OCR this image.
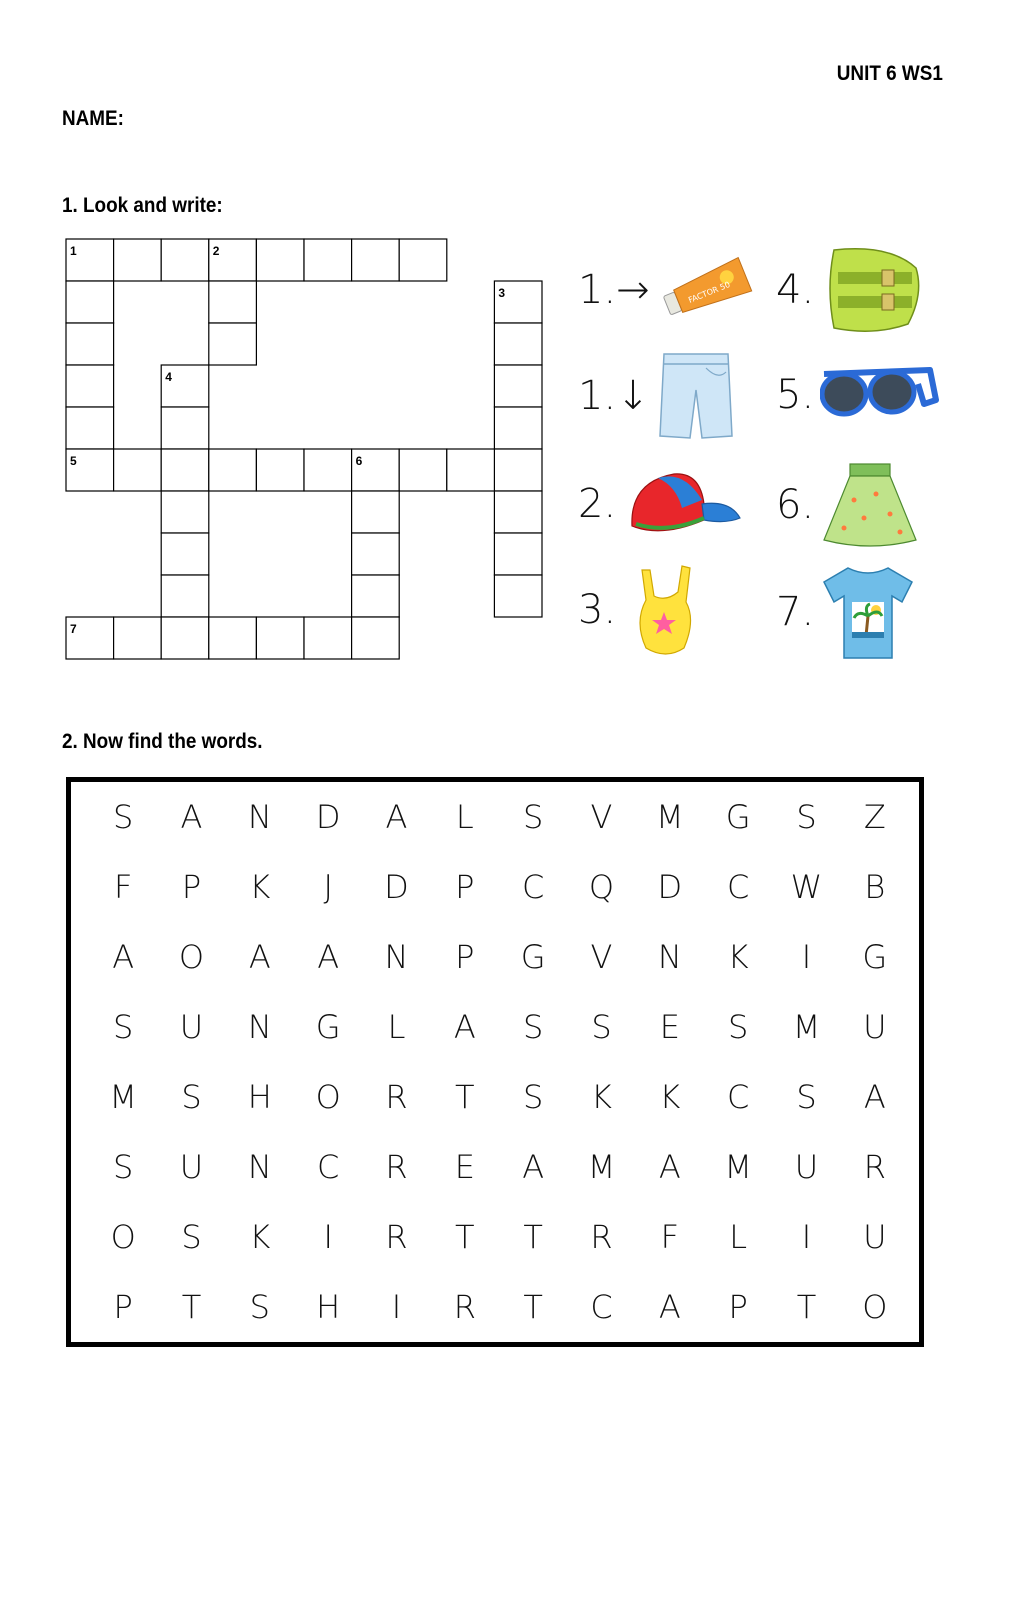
UNIT 6 WS1
NAME:
1. Look and write:
1	2
3
4
5	6
7
1.→	FACTOR 50
1.↓
2.
3.
4.
5.
6.
7.
2. Now find the words.
S	A	N	D	A	L	S	V	M	G	S	Z
F	P	K	J	D	P	C	Q	D	C	W	B
A	O	A	A	N	P	G	V	N	K	I	G
S	U	N	G	L	A	S	S	E	S	M	U
M	S	H	O	R	T	S	K	K	C	S	A
S	U	N	C	R	E	A	M	A	M	U	R
O	S	K	I	R	T	T	R	F	L	I	U
P	T	S	H	I	R	T	C	A	P	T	O
